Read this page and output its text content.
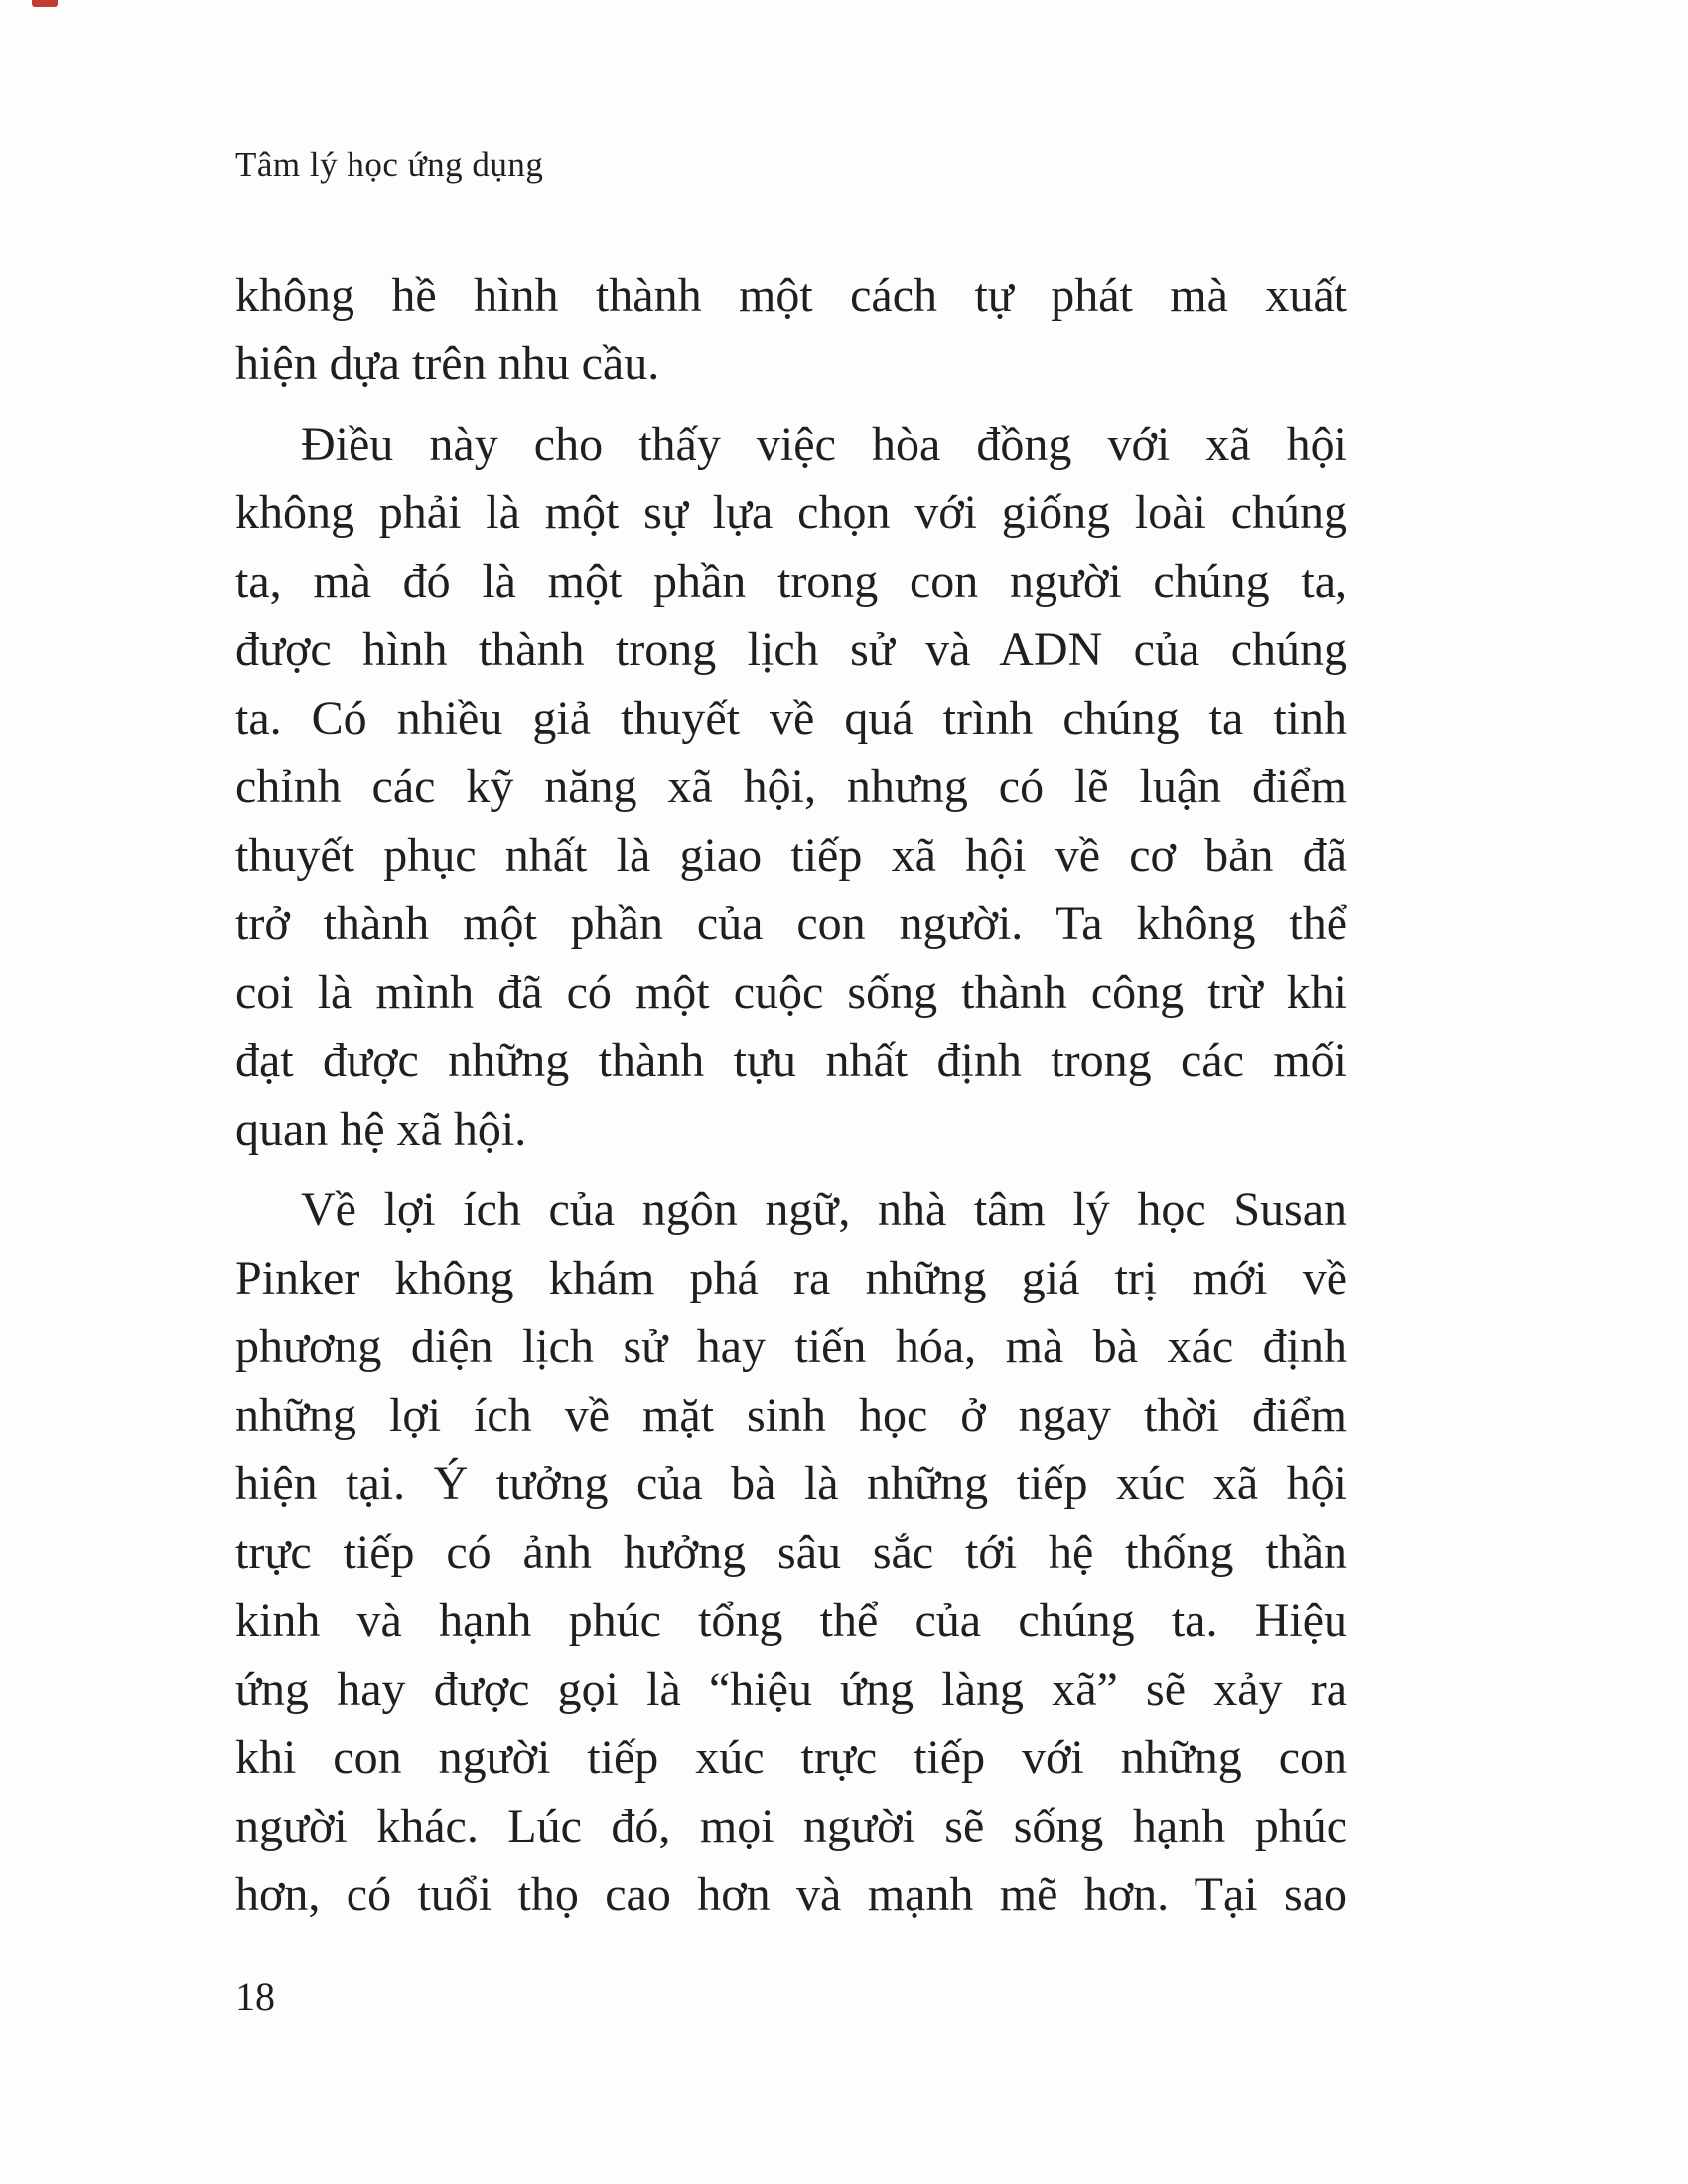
Tâm lý học ứng dụng
không hề hình thành một cách tự phát mà xuất
hiện dựa trên nhu cầu.
Điều này cho thấy việc hòa đồng với xã hội
không phải là một sự lựa chọn với giống loài chúng
ta, mà đó là một phần trong con người chúng ta,
được hình thành trong lịch sử và ADN của chúng
ta. Có nhiều giả thuyết về quá trình chúng ta tinh
chỉnh các kỹ năng xã hội, nhưng có lẽ luận điểm
thuyết phục nhất là giao tiếp xã hội về cơ bản đã
trở thành một phần của con người. Ta không thể
coi là mình đã có một cuộc sống thành công trừ khi
đạt được những thành tựu nhất định trong các mối
quan hệ xã hội.
Về lợi ích của ngôn ngữ, nhà tâm lý học Susan
Pinker không khám phá ra những giá trị mới về
phương diện lịch sử hay tiến hóa, mà bà xác định
những lợi ích về mặt sinh học ở ngay thời điểm
hiện tại. Ý tưởng của bà là những tiếp xúc xã hội
trực tiếp có ảnh hưởng sâu sắc tới hệ thống thần
kinh và hạnh phúc tổng thể của chúng ta. Hiệu
ứng hay được gọi là “hiệu ứng làng xã” sẽ xảy ra
khi con người tiếp xúc trực tiếp với những con
người khác. Lúc đó, mọi người sẽ sống hạnh phúc
hơn, có tuổi thọ cao hơn và mạnh mẽ hơn. Tại sao
18
